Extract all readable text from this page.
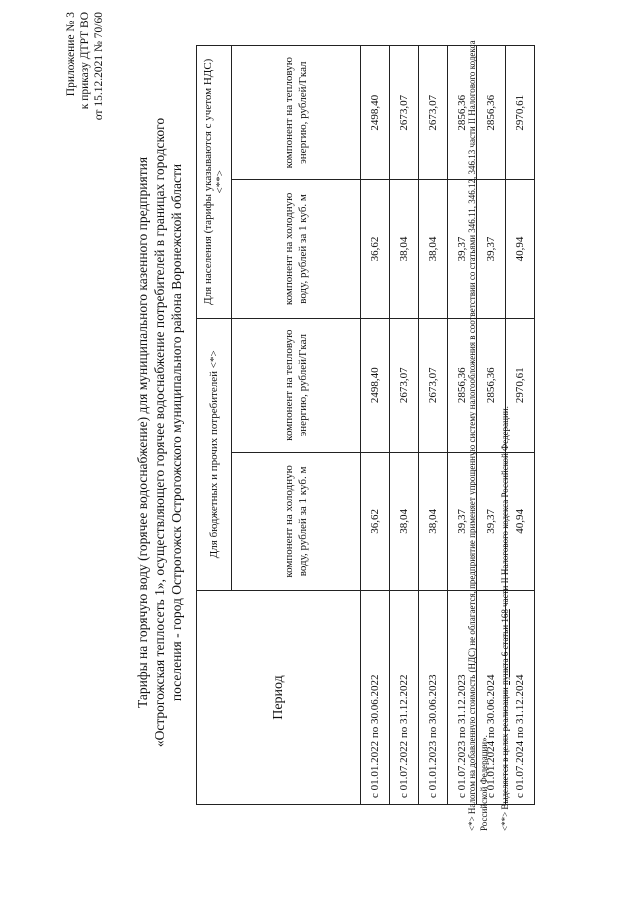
Приложение № 3 к приказу ДТРТ ВО от 15.12.2021 № 70/60
Тарифы на горячую воду (горячее водоснабжение) для муниципального казенного предприятия «Острогожская теплосеть 1», осуществляющего горячее водоснабжение потребителей в границах городского поселения - город Острогожск Острогожского муниципального района Воронежской области	Период	Для бюджетных и прочих потребителей <*>		Для населения (тарифы указываются с учетом НДС) <**>	
	компонент на холодную воду, рублей за 1 куб. м	компонент на тепловую энергию, рублей/Гкал	компонент на холодную воду, рублей за 1 куб. м	компонент на тепловую энергию, рублей/Гкал
с 01.01.2022 по 30.06.2022	36,62	2498,40	36,62	2498,40
с 01.07.2022 по 31.12.2022	38,04	2673,07	38,04	2673,07
с 01.01.2023 по 30.06.2023	38,04	2673,07	38,04	2673,07
с 01.07.2023 по 31.12.2023	39,37	2856,36	39,37	2856,36
с 01.01.2024 по 30.06.2024	39,37	2856,36	39,37	2856,36
с 01.07.2024 по 31.12.2024	40,94	2970,61	40,94	2970,61

<*> Налогом на добавленную стоимость (НДС) не облагается, предприятие применяет упрощенную систему налогообложения в соответствии со статьями 346.11, 346.12, 346.13 части II Налогового кодекса Российской Федерации». <**> Выделяется в целях реализации пункта 6 статьи 168 части II Налогового кодекса Российской Федерации.
